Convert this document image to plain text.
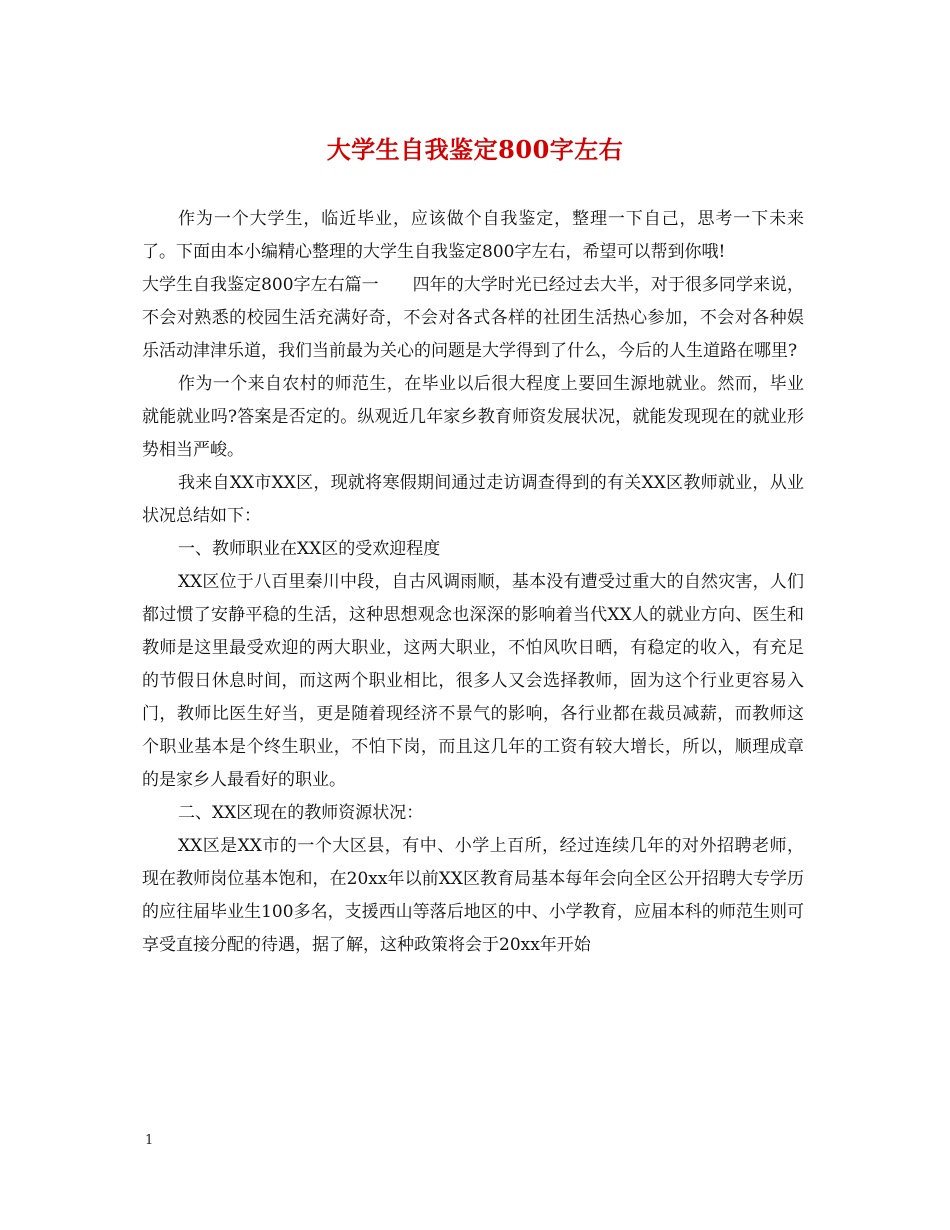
大学生自我鉴定800字左右

作为一个大学生，临近毕业，应该做个自我鉴定，整理一下自己，思考一下未来了。下面由本小编精心整理的大学生自我鉴定800字左右，希望可以帮到你哦!

大学生自我鉴定800字左右篇一　　四年的大学时光已经过去大半，对于很多同学来说，不会对熟悉的校园生活充满好奇，不会对各式各样的社团生活热心参加，不会对各种娱乐活动津津乐道，我们当前最为关心的问题是大学得到了什么，今后的人生道路在哪里?

作为一个来自农村的师范生，在毕业以后很大程度上要回生源地就业。然而，毕业就能就业吗?答案是否定的。纵观近几年家乡教育师资发展状况，就能发现现在的就业形势相当严峻。

我来自XX市XX区，现就将寒假期间通过走访调查得到的有关XX区教师就业，从业状况总结如下：

一、教师职业在XX区的受欢迎程度

XX区位于八百里秦川中段，自古风调雨顺，基本没有遭受过重大的自然灾害，人们都过惯了安静平稳的生活，这种思想观念也深深的影响着当代XX人的就业方向、医生和教师是这里最受欢迎的两大职业，这两大职业，不怕风吹日晒，有稳定的收入，有充足的节假日休息时间，而这两个职业相比，很多人又会选择教师，固为这个行业更容易入门，教师比医生好当，更是随着现经济不景气的影响，各行业都在裁员减薪，而教师这个职业基本是个终生职业，不怕下岗，而且这几年的工资有较大增长，所以，顺理成章的是家乡人最看好的职业。

二、XX区现在的教师资源状况：

XX区是XX市的一个大区县，有中、小学上百所，经过连续几年的对外招聘老师，现在教师岗位基本饱和，在20xx年以前XX区教育局基本每年会向全区公开招聘大专学历的应往届毕业生100多名，支援西山等落后地区的中、小学教育，应届本科的师范生则可享受直接分配的待遇，据了解，这种政策将会于20xx年开始

1
